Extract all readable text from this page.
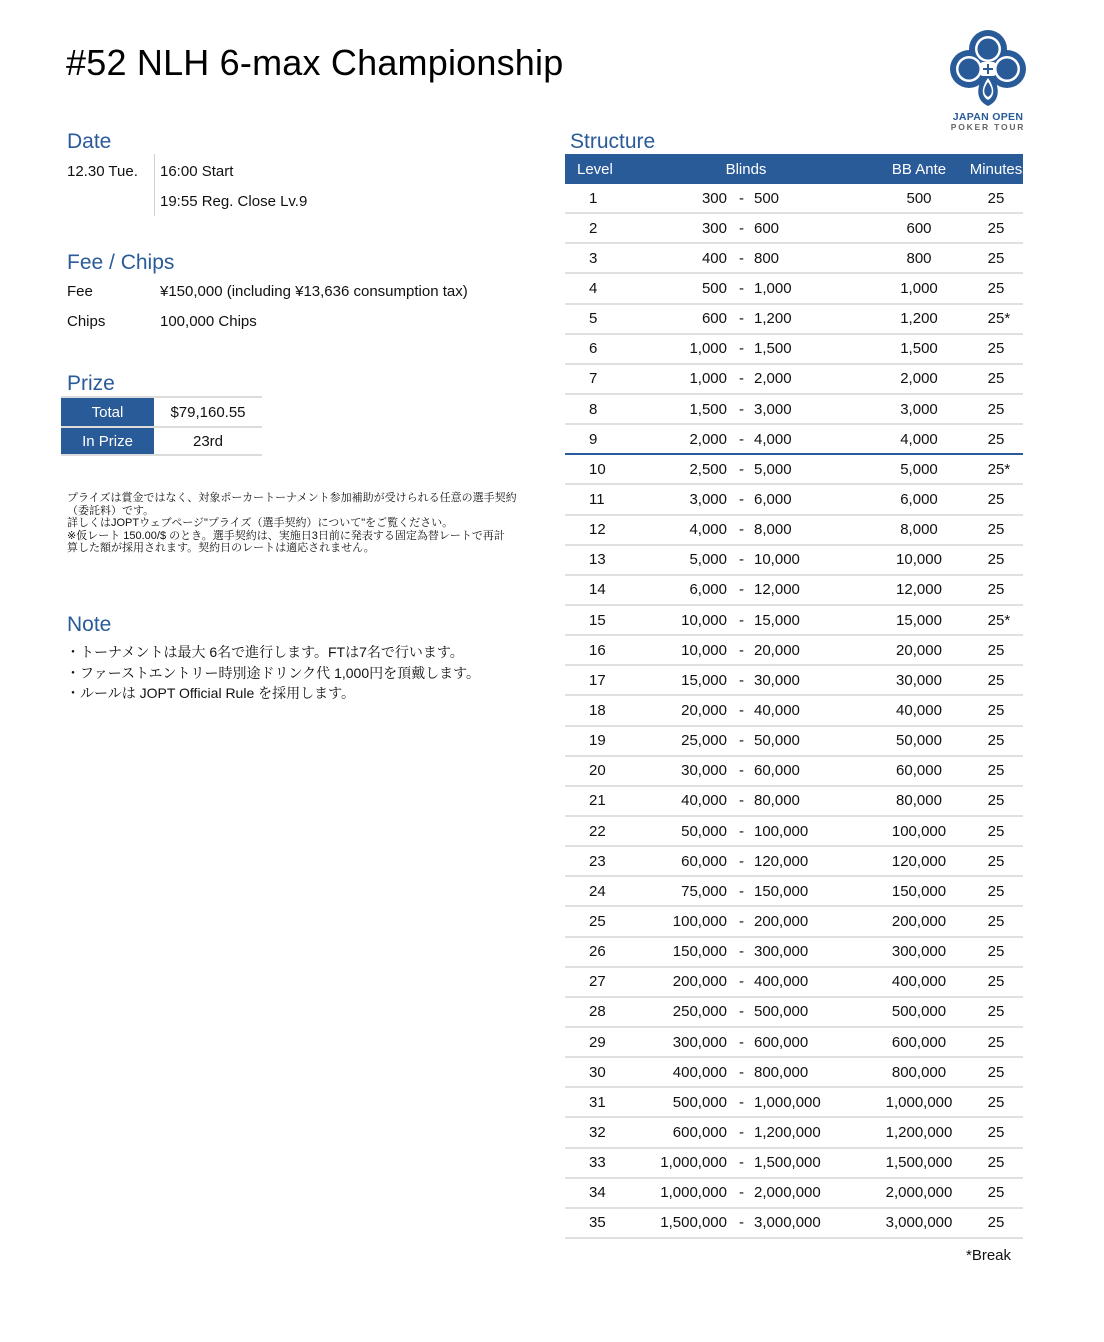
#52 NLH 6-max Championship
JAPAN OPEN
POKER TOUR
Date
12.30 Tue. 16:00 Start
19:55 Reg. Close Lv.9
Fee / Chips
Fee	¥150,000 (including ¥13,636 consumption tax)
Chips	100,000 Chips
Prize
Total	$79,160.55
In Prize	23rd
プライズは賞金ではなく、対象ポーカートーナメント参加補助が受けられる任意の選手契約
（委託料）です。
詳しくはJOPTウェブページ"プライズ（選手契約）について"をご覧ください。
※仮レート 150.00/$ のとき。選手契約は、実施日3日前に発表する固定為替レートで再計
算した額が採用されます。契約日のレートは適応されません。
Note
・トーナメントは最大 6名で進行します。FTは7名で行います。
・ファーストエントリー時別途ドリンク代 1,000円を頂戴します。
・ルールは JOPT Official Rule を採用します。
Structure
Level	Blinds	BB Ante	Minutes
1	300 - 500	500	25
2	300 - 600	600	25
3	400 - 800	800	25
4	500 - 1,000	1,000	25
5	600 - 1,200	1,200	25*
6	1,000 - 1,500	1,500	25
7	1,000 - 2,000	2,000	25
8	1,500 - 3,000	3,000	25
9	2,000 - 4,000	4,000	25
10	2,500 - 5,000	5,000	25*
11	3,000 - 6,000	6,000	25
12	4,000 - 8,000	8,000	25
13	5,000 - 10,000	10,000	25
14	6,000 - 12,000	12,000	25
15	10,000 - 15,000	15,000	25*
16	10,000 - 20,000	20,000	25
17	15,000 - 30,000	30,000	25
18	20,000 - 40,000	40,000	25
19	25,000 - 50,000	50,000	25
20	30,000 - 60,000	60,000	25
21	40,000 - 80,000	80,000	25
22	50,000 - 100,000	100,000	25
23	60,000 - 120,000	120,000	25
24	75,000 - 150,000	150,000	25
25	100,000 - 200,000	200,000	25
26	150,000 - 300,000	300,000	25
27	200,000 - 400,000	400,000	25
28	250,000 - 500,000	500,000	25
29	300,000 - 600,000	600,000	25
30	400,000 - 800,000	800,000	25
31	500,000 - 1,000,000	1,000,000	25
32	600,000 - 1,200,000	1,200,000	25
33	1,000,000 - 1,500,000	1,500,000	25
34	1,000,000 - 2,000,000	2,000,000	25
35	1,500,000 - 3,000,000	3,000,000	25
*Break
